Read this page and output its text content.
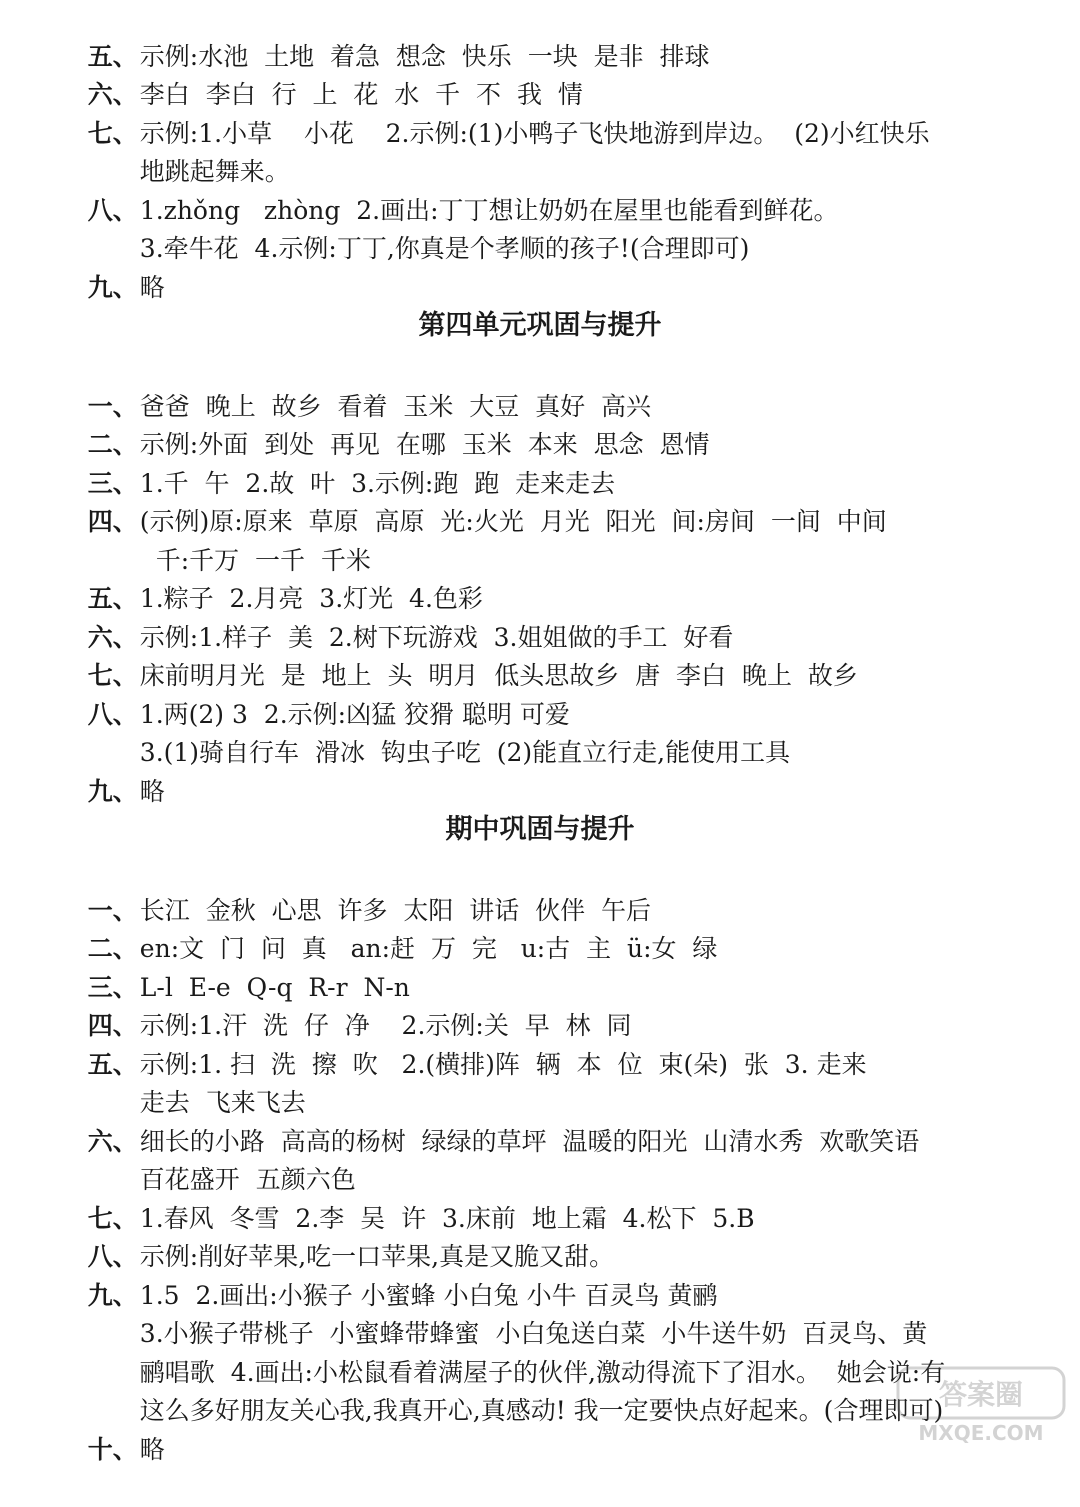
五、示例:水池  土地  着急  想念  快乐  一块  是非  排球

六、李白  李白  行  上  花  水  千  不  我  情

七、示例:1.小草    小花    2.示例:(1)小鸭子飞快地游到岸边。  (2)小红快乐

地跳起舞来。

八、1.zhǒng   zhòng  2.画出:丁丁想让奶奶在屋里也能看到鲜花。

3.牵牛花  4.示例:丁丁,你真是个孝顺的孩子!(合理即可)

九、略

第四单元巩固与提升

一、爸爸  晚上  故乡  看着  玉米  大豆  真好  高兴

二、示例:外面  到处  再见  在哪  玉米  本来  思念  恩情

三、1.千  午  2.故  叶  3.示例:跑  跑  走来走去

四、(示例)原:原来  草原  高原  光:火光  月光  阳光  间:房间  一间  中间

千:千万  一千  千米

五、1.粽子  2.月亮  3.灯光  4.色彩

六、示例:1.样子  美  2.树下玩游戏  3.姐姐做的手工  好看

七、床前明月光  是  地上  头  明月  低头思故乡  唐  李白  晚上  故乡

八、1.两(2) 3  2.示例:凶猛 狡猾 聪明 可爱

3.(1)骑自行车  滑冰  钩虫子吃  (2)能直立行走,能使用工具

九、略

期中巩固与提升

一、长江  金秋  心思  许多  太阳  讲话  伙伴  午后

二、en:文  门  问  真   an:赶  万  完   u:古  主  ü:女  绿

三、L-l  E-e  Q-q  R-r  N-n

四、示例:1.汗  洗  仔  净    2.示例:关  早  林  同

五、示例:1. 扫  洗  擦  吹   2.(横排)阵  辆  本  位  束(朵)  张  3. 走来

走去  飞来飞去

六、细长的小路  高高的杨树  绿绿的草坪  温暖的阳光  山清水秀  欢歌笑语

百花盛开  五颜六色

七、1.春风  冬雪  2.李  吴  许  3.床前  地上霜  4.松下  5.B

八、示例:削好苹果,吃一口苹果,真是又脆又甜。

九、1.5  2.画出:小猴子 小蜜蜂 小白兔 小牛 百灵鸟 黄鹂

3.小猴子带桃子  小蜜蜂带蜂蜜  小白兔送白菜  小牛送牛奶  百灵鸟、黄

鹂唱歌  4.画出:小松鼠看着满屋子的伙伴,激动得流下了泪水。  她会说:有

这么多好朋友关心我,我真开心,真感动! 我一定要快点好起来。(合理即可)

十、略

答案圈
MXQE.COM
